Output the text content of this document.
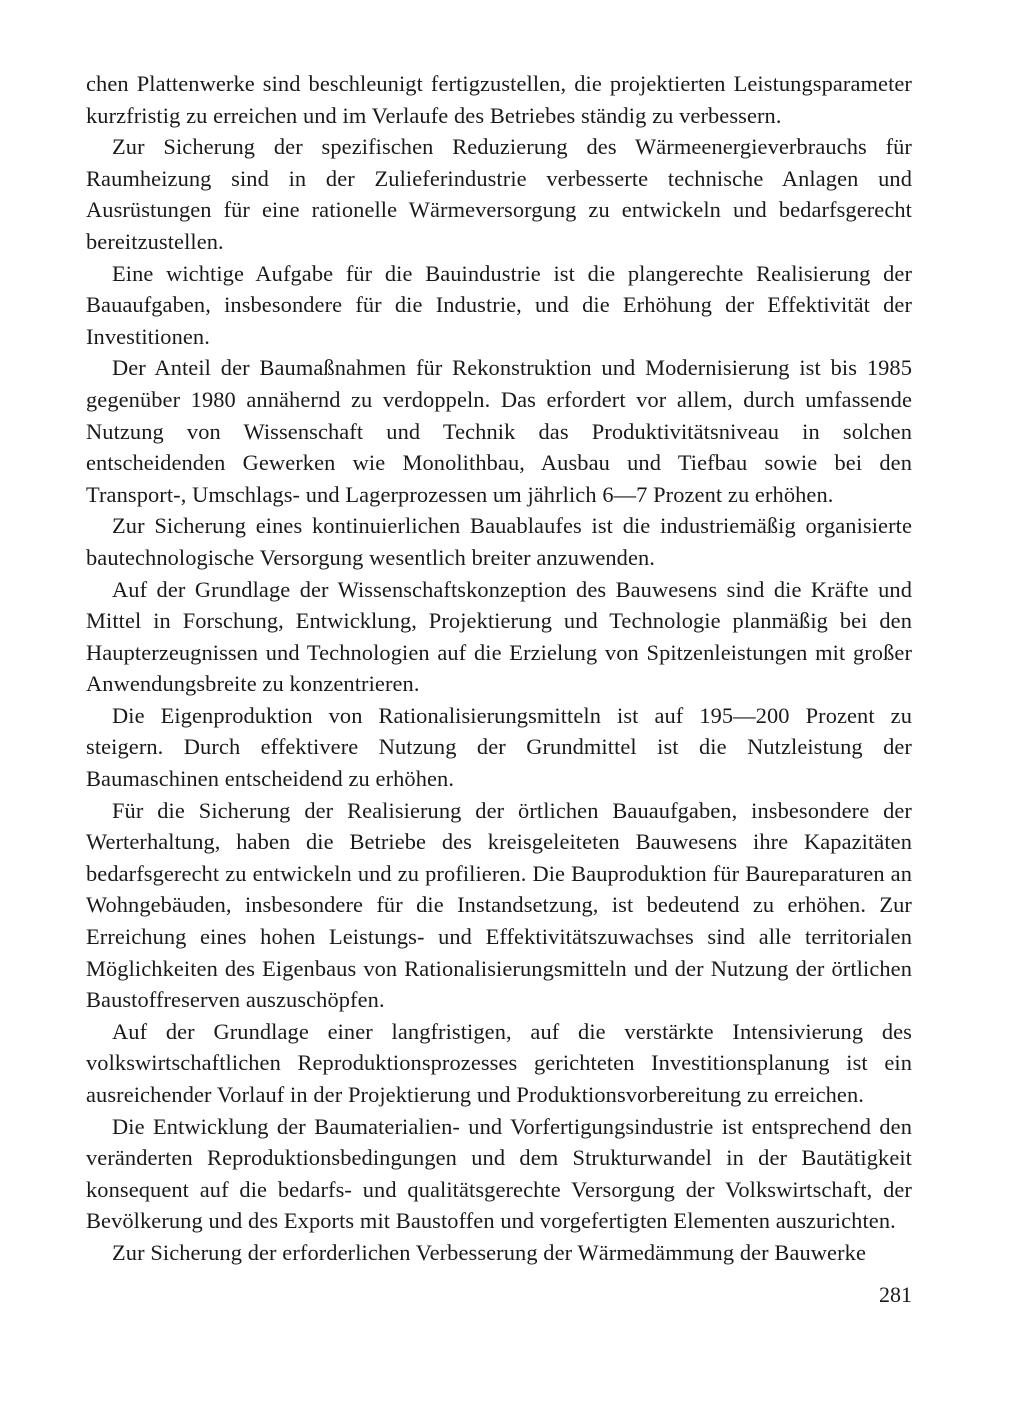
chen Plattenwerke sind beschleunigt fertigzustellen, die projektierten Leistungsparameter kurzfristig zu erreichen und im Verlaufe des Betriebes ständig zu verbessern.

Zur Sicherung der spezifischen Reduzierung des Wärmeenergieverbrauchs für Raumheizung sind in der Zulieferindustrie verbesserte technische Anlagen und Ausrüstungen für eine rationelle Wärmeversorgung zu entwickeln und bedarfsgerecht bereitzustellen.

Eine wichtige Aufgabe für die Bauindustrie ist die plangerechte Realisierung der Bauaufgaben, insbesondere für die Industrie, und die Erhöhung der Effektivität der Investitionen.

Der Anteil der Baumaßnahmen für Rekonstruktion und Modernisierung ist bis 1985 gegenüber 1980 annähernd zu verdoppeln. Das erfordert vor allem, durch umfassende Nutzung von Wissenschaft und Technik das Produktivitätsniveau in solchen entscheidenden Gewerken wie Monolithbau, Ausbau und Tiefbau sowie bei den Transport-, Umschlags- und Lagerprozessen um jährlich 6—7 Prozent zu erhöhen.

Zur Sicherung eines kontinuierlichen Bauablaufes ist die industriemäßig organisierte bautechnologische Versorgung wesentlich breiter anzuwenden.

Auf der Grundlage der Wissenschaftskonzeption des Bauwesens sind die Kräfte und Mittel in Forschung, Entwicklung, Projektierung und Technologie planmäßig bei den Haupterzeugnissen und Technologien auf die Erzielung von Spitzenleistungen mit großer Anwendungsbreite zu konzentrieren.

Die Eigenproduktion von Rationalisierungsmitteln ist auf 195—200 Prozent zu steigern. Durch effektivere Nutzung der Grundmittel ist die Nutzleistung der Baumaschinen entscheidend zu erhöhen.

Für die Sicherung der Realisierung der örtlichen Bauaufgaben, insbesondere der Werterhaltung, haben die Betriebe des kreisgeleiteten Bauwesens ihre Kapazitäten bedarfsgerecht zu entwickeln und zu profilieren. Die Bauproduktion für Baureparaturen an Wohngebäuden, insbesondere für die Instandsetzung, ist bedeutend zu erhöhen. Zur Erreichung eines hohen Leistungs- und Effektivitätszuwachses sind alle territorialen Möglichkeiten des Eigenbaus von Rationalisierungsmitteln und der Nutzung der örtlichen Baustoffreserven auszuschöpfen.

Auf der Grundlage einer langfristigen, auf die verstärkte Intensivierung des volkswirtschaftlichen Reproduktionsprozesses gerichteten Investitionsplanung ist ein ausreichender Vorlauf in der Projektierung und Produktionsvorbereitung zu erreichen.

Die Entwicklung der Baumaterialien- und Vorfertigungsindustrie ist entsprechend den veränderten Reproduktionsbedingungen und dem Strukturwandel in der Bautätigkeit konsequent auf die bedarfs- und qualitätsgerechte Versorgung der Volkswirtschaft, der Bevölkerung und des Exports mit Baustoffen und vorgefertigten Elementen auszurichten.

Zur Sicherung der erforderlichen Verbesserung der Wärmedämmung der Bauwerke

281
